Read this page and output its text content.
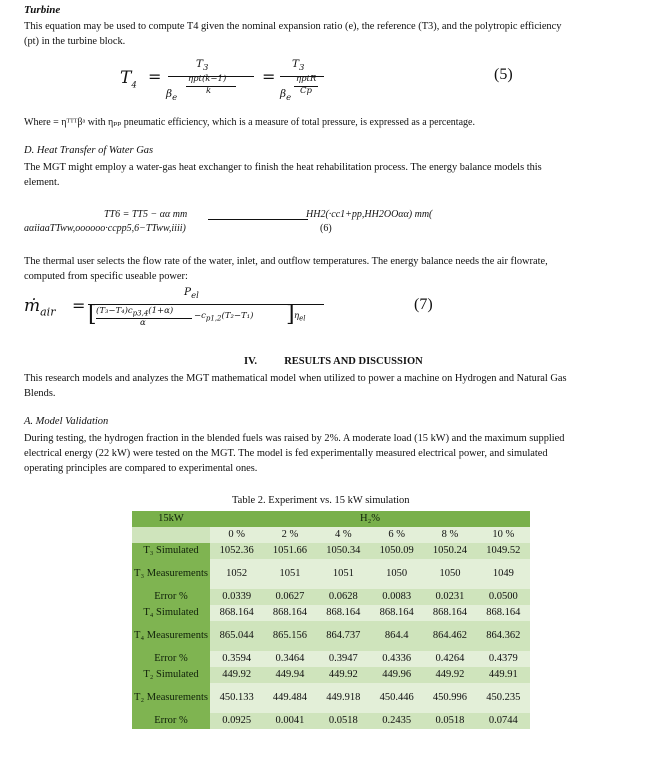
Turbine
This equation may be used to compute T4 given the nominal expansion ratio (e), the reference (T3), and the polytropic efficiency
(pt) in the turbine block.
$T_4$ =
$T_3$
ηpt(k−1)
k
$\beta_e$
=
$T_3$
ηptR
Cp
$\beta_e$
(5)
Where = ηᵀᵀᵀβᵃ with ηₚₚ pneumatic efficiency, which is a measure of total pressure, is expressed as a percentage.
D. Heat Transfer of Water Gas
The MGT might employ a water-gas heat exchanger to finish the heat rehabilitation process. The energy balance models this
element.
TT6 = TT5 − αα mm	HH2(·cc1+pp,HH2OOαα) mm(
aαiiaaTTww,oooooo·ccpp5,6−TTww,iiii)	(6)
The thermal user selects the flow rate of the water, inlet, and outflow temperatures. The energy balance needs the air flowrate,
computed from specific useable power:
ṁ$_{air}$ =
$P_{el}$
[ $(T_3-T_4)c_{p3,4}(1+\alpha)$
α
$-c_{p1,2}(T_2-T_1)$ ] $\eta_{el}$
(7)
IV.	RESULTS AND DISCUSSION
This research models and analyzes the MGT mathematical model when utilized to power a machine on Hydrogen and Natural Gas
Blends.
A. Model Validation
During testing, the hydrogen fraction in the blended fuels was raised by 2%. A moderate load (15 kW) and the maximum supplied
electrical energy (22 kW) were tested on the MGT. The model is fed experimentally measured electrical power, and simulated
operating principles are compared to experimental ones.
Table 2. Experiment vs. 15 kW simulation
15kW	H₂%					
	0 %	2 %	4 %	6 %	8 %	10 %
T₃ Simulated	1052.36	1051.66	1050.34	1050.09	1050.24	1049.52
T₃ Measurements	1052	1051	1051	1050	1050	1049
Error %	0.0339	0.0627	0.0628	0.0083	0.0231	0.0500
T₄ Simulated	868.164	868.164	868.164	868.164	868.164	868.164
T₄ Measurements	865.044	865.156	864.737	864.4	864.462	864.362
Error %	0.3594	0.3464	0.3947	0.4336	0.4264	0.4379
T₂ Simulated	449.92	449.94	449.92	449.96	449.92	449.91
T₂ Measurements	450.133	449.484	449.918	450.446	450.996	450.235
Error %	0.0925	0.0041	0.0518	0.2435	0.0518	0.0744
